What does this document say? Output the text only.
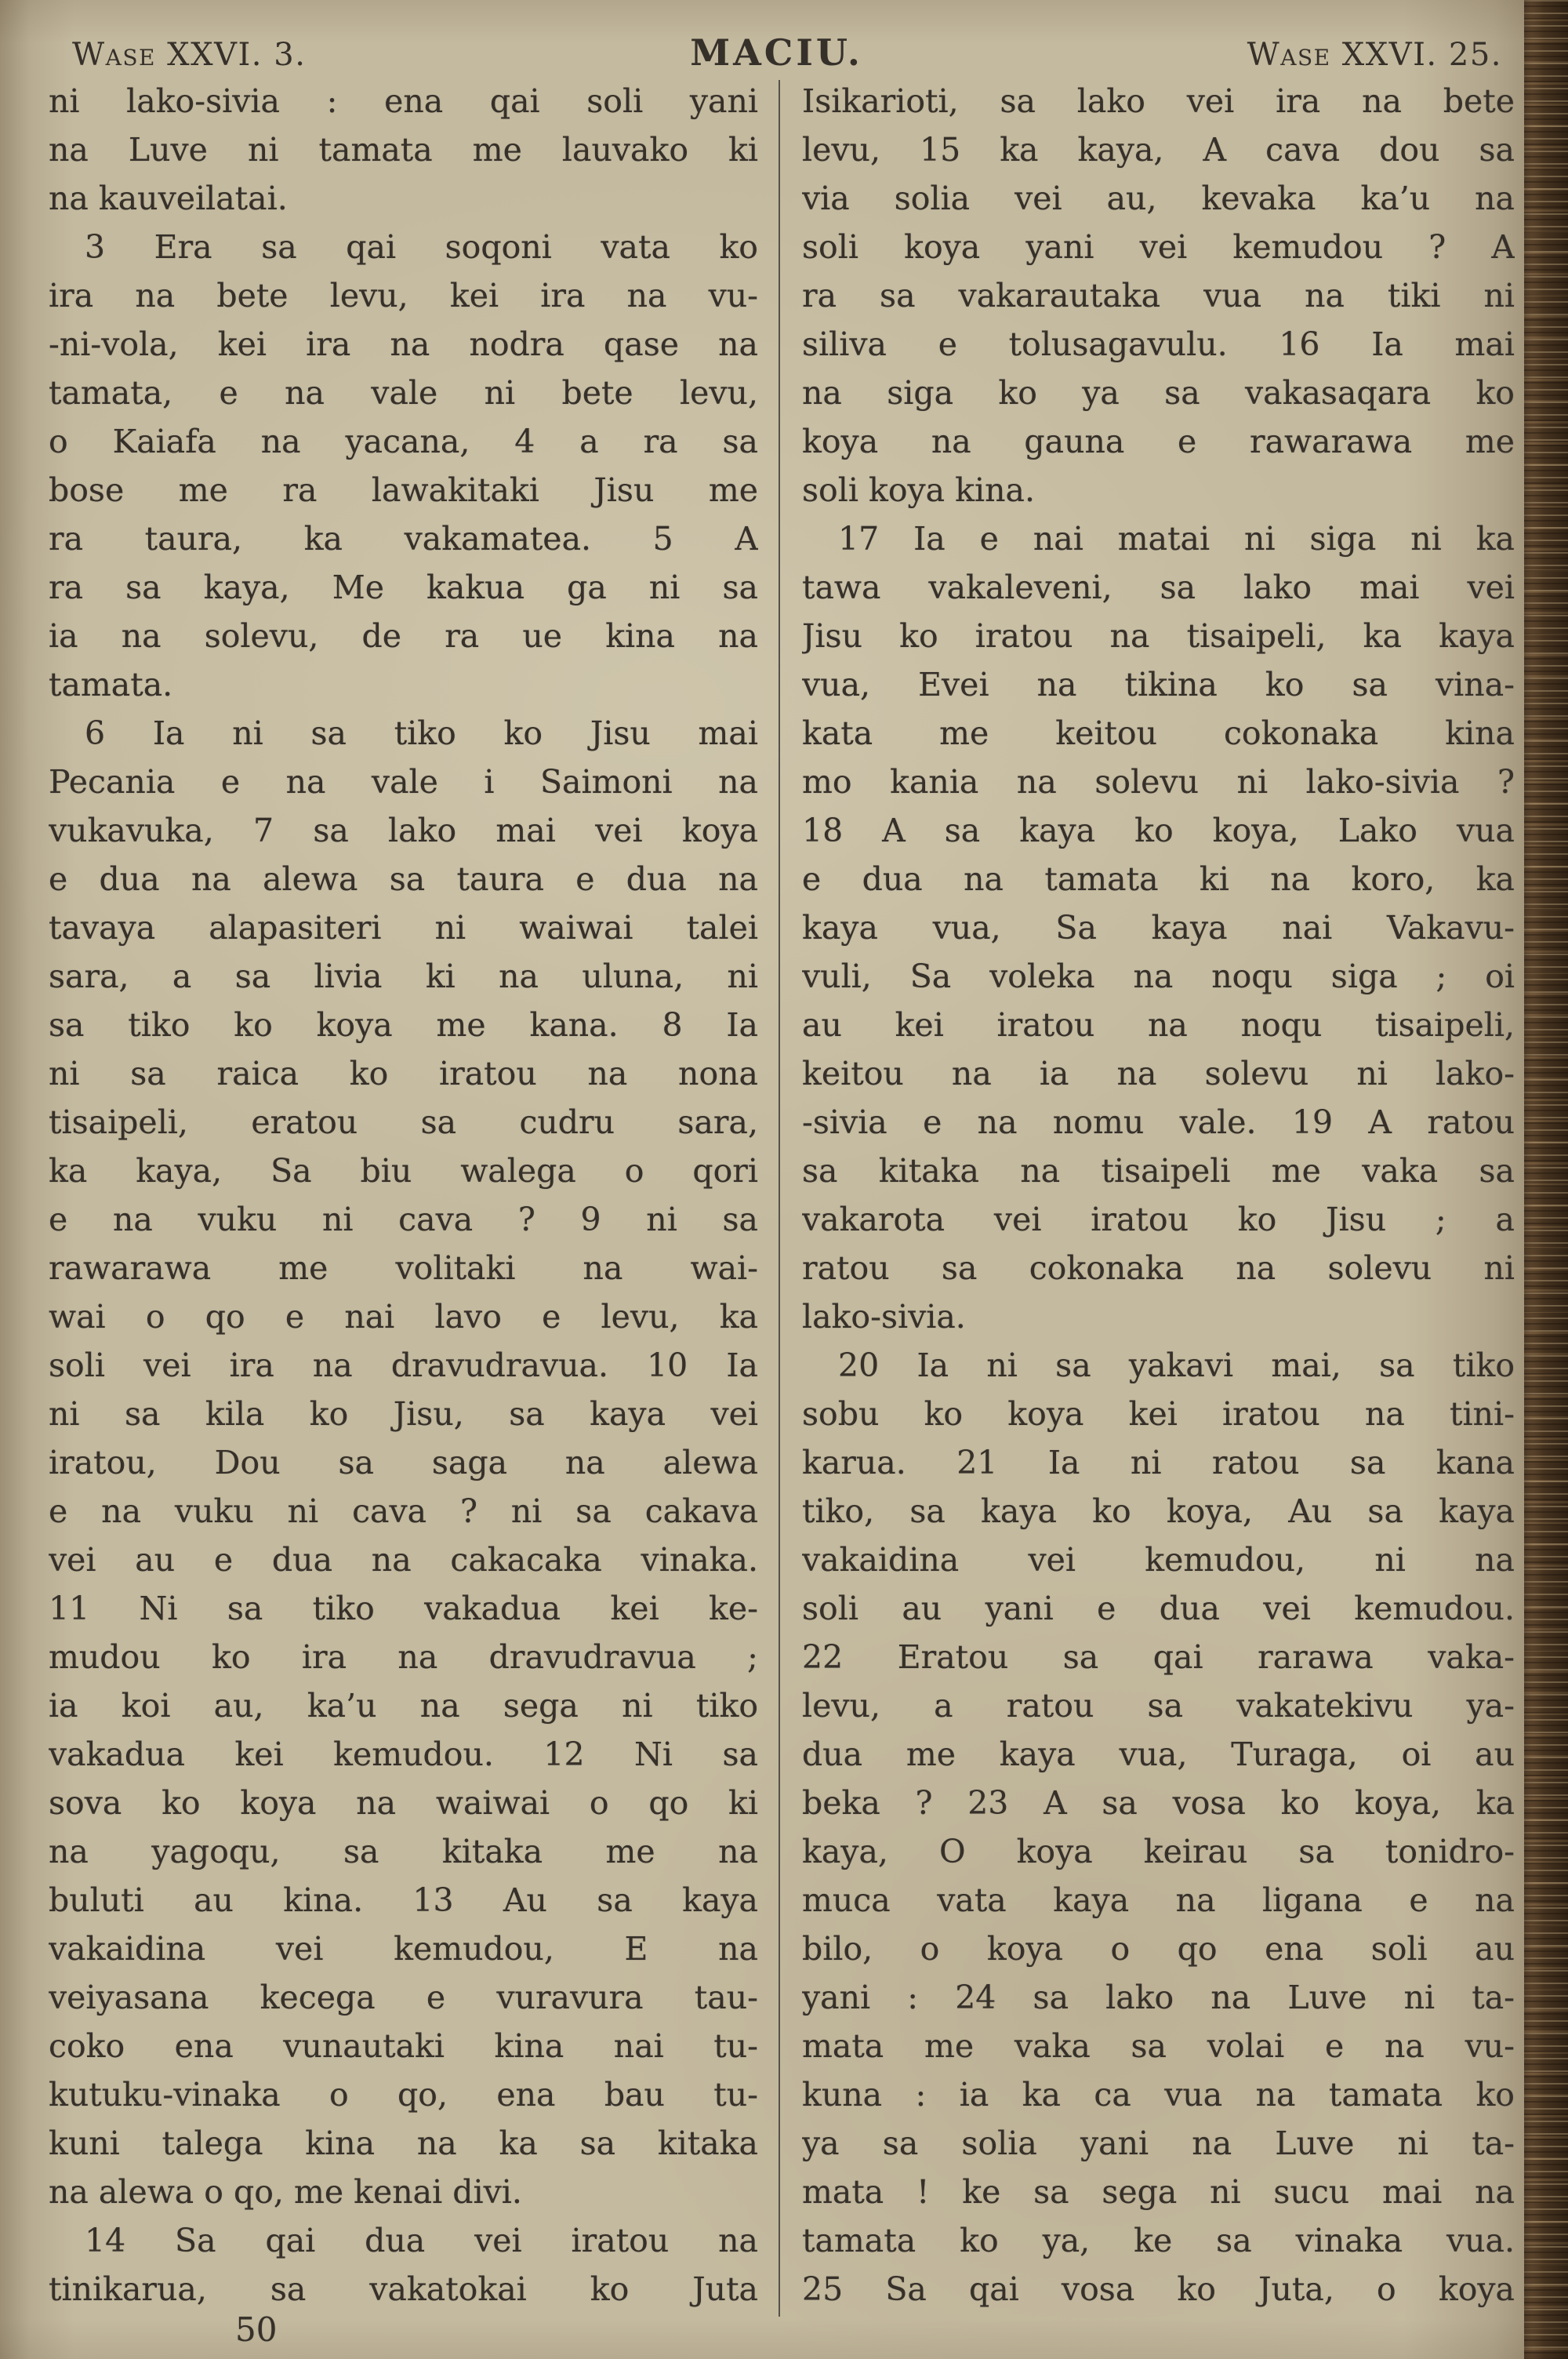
Wase XXVI. 3.	MACIU.	Wase XXVI. 25.
ni lako-sivia : ena qai soli yani
na Luve ni tamata me lauvako ki
na kauveilatai.
3 Era sa qai soqoni vata ko
ira na bete levu, kei ira na vu-
-ni-vola, kei ira na nodra qase na
tamata, e na vale ni bete levu,
o Kaiafa na yacana, 4 a ra sa
bose me ra lawakitaki Jisu me
ra taura, ka vakamatea. 5 A
ra sa kaya, Me kakua ga ni sa
ia na solevu, de ra ue kina na
tamata.
6 Ia ni sa tiko ko Jisu mai
Pecania e na vale i Saimoni na
vukavuka, 7 sa lako mai vei koya
e dua na alewa sa taura e dua na
tavaya alapasiteri ni waiwai talei
sara, a sa livia ki na uluna, ni
sa tiko ko koya me kana. 8 Ia
ni sa raica ko iratou na nona
tisaipeli, eratou sa cudru sara,
ka kaya, Sa biu walega o qori
e na vuku ni cava ? 9 ni sa
rawarawa me volitaki na wai-
wai o qo e nai lavo e levu, ka
soli vei ira na dravudravua. 10 Ia
ni sa kila ko Jisu, sa kaya vei
iratou, Dou sa saga na alewa
e na vuku ni cava ? ni sa cakava
vei au e dua na cakacaka vinaka.
11 Ni sa tiko vakadua kei ke-
mudou ko ira na dravudravua ;
ia koi au, ka’u na sega ni tiko
vakadua kei kemudou. 12 Ni sa
sova ko koya na waiwai o qo ki
na yagoqu, sa kitaka me na
buluti au kina. 13 Au sa kaya
vakaidina vei kemudou, E na
veiyasana kecega e vuravura tau-
coko ena vunautaki kina nai tu-
kutuku-vinaka o qo, ena bau tu-
kuni talega kina na ka sa kitaka
na alewa o qo, me kenai divi.
14 Sa qai dua vei iratou na
tinikarua, sa vakatokai ko Juta
Isikarioti, sa lako vei ira na bete
levu, 15 ka kaya, A cava dou sa
via solia vei au, kevaka ka’u na
soli koya yani vei kemudou ? A
ra sa vakarautaka vua na tiki ni
siliva e tolusagavulu. 16 Ia mai
na siga ko ya sa vakasaqara ko
koya na gauna e rawarawa me
soli koya kina.
17 Ia e nai matai ni siga ni ka
tawa vakaleveni, sa lako mai vei
Jisu ko iratou na tisaipeli, ka kaya
vua, Evei na tikina ko sa vina-
kata me keitou cokonaka kina
mo kania na solevu ni lako-sivia ?
18 A sa kaya ko koya, Lako vua
e dua na tamata ki na koro, ka
kaya vua, Sa kaya nai Vakavu-
vuli, Sa voleka na noqu siga ; oi
au kei iratou na noqu tisaipeli,
keitou na ia na solevu ni lako-
-sivia e na nomu vale. 19 A ratou
sa kitaka na tisaipeli me vaka sa
vakarota vei iratou ko Jisu ; a
ratou sa cokonaka na solevu ni
lako-sivia.
20 Ia ni sa yakavi mai, sa tiko
sobu ko koya kei iratou na tini-
karua. 21 Ia ni ratou sa kana
tiko, sa kaya ko koya, Au sa kaya
vakaidina vei kemudou, ni na
soli au yani e dua vei kemudou.
22 Eratou sa qai rarawa vaka-
levu, a ratou sa vakatekivu ya-
dua me kaya vua, Turaga, oi au
beka ? 23 A sa vosa ko koya, ka
kaya, O koya keirau sa tonidro-
muca vata kaya na ligana e na
bilo, o koya o qo ena soli au
yani : 24 sa lako na Luve ni ta-
mata me vaka sa volai e na vu-
kuna : ia ka ca vua na tamata ko
ya sa solia yani na Luve ni ta-
mata ! ke sa sega ni sucu mai na
tamata ko ya, ke sa vinaka vua.
25 Sa qai vosa ko Juta, o koya
50
